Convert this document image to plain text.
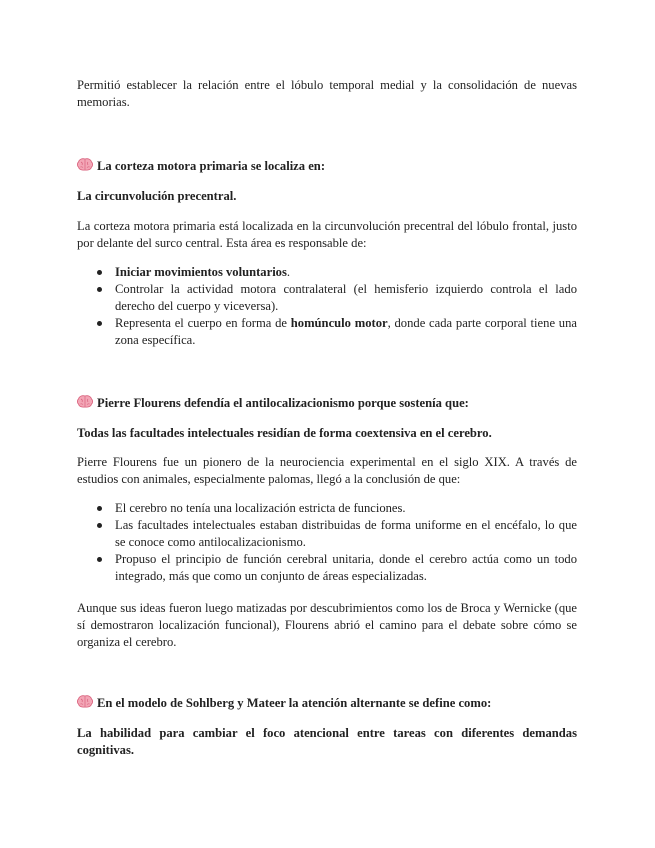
Permitió establecer la relación entre el lóbulo temporal medial y la consolidación de nuevas memorias.

La corteza motora primaria se localiza en:

La circunvolución precentral.

La corteza motora primaria está localizada en la circunvolución precentral del lóbulo frontal, justo por delante del surco central. Esta área es responsable de:

Iniciar movimientos voluntarios.
Controlar la actividad motora contralateral (el hemisferio izquierdo controla el lado derecho del cuerpo y viceversa).
Representa el cuerpo en forma de homúnculo motor, donde cada parte corporal tiene una zona específica.
Pierre Flourens defendía el antilocalizacionismo porque sostenía que:

Todas las facultades intelectuales residían de forma coextensiva en el cerebro.

Pierre Flourens fue un pionero de la neurociencia experimental en el siglo XIX. A través de estudios con animales, especialmente palomas, llegó a la conclusión de que:

El cerebro no tenía una localización estricta de funciones.
Las facultades intelectuales estaban distribuidas de forma uniforme en el encéfalo, lo que se conoce como antilocalizacionismo.
Propuso el principio de función cerebral unitaria, donde el cerebro actúa como un todo integrado, más que como un conjunto de áreas especializadas.

Aunque sus ideas fueron luego matizadas por descubrimientos como los de Broca y Wernicke (que sí demostraron localización funcional), Flourens abrió el camino para el debate sobre cómo se organiza el cerebro.

En el modelo de Sohlberg y Mateer la atención alternante se define como:

La habilidad para cambiar el foco atencional entre tareas con diferentes demandas cognitivas.
